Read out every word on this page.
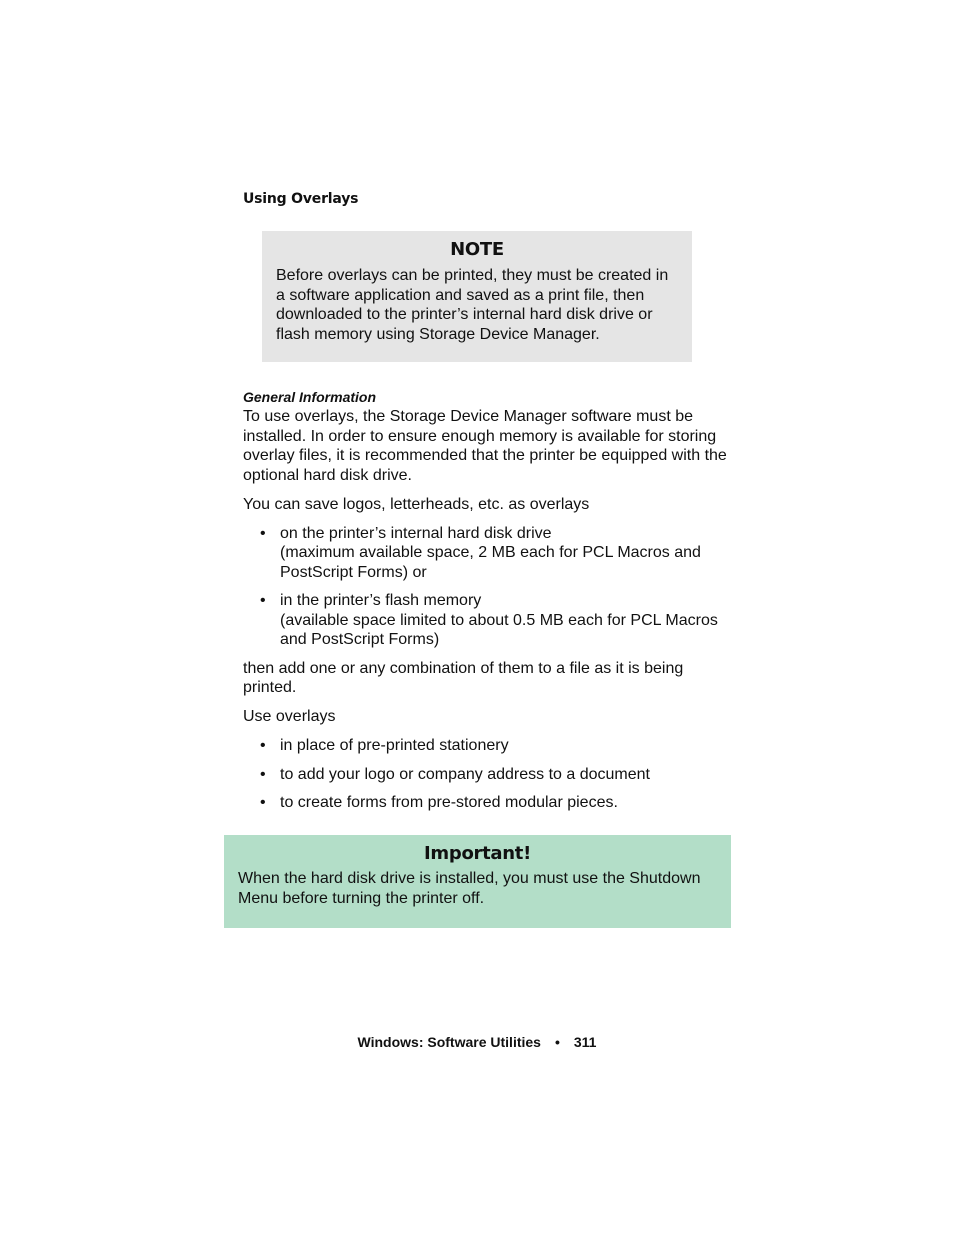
Using Overlays
NOTE
Before overlays can be printed, they must be created in a software application and saved as a print file, then downloaded to the printer’s internal hard disk drive or flash memory using Storage Device Manager.

General Information

To use overlays, the Storage Device Manager software must be installed. In order to ensure enough memory is available for storing overlay files, it is recommended that the printer be equipped with the optional hard disk drive.

You can save logos, letterheads, etc. as overlays

• on the printer’s internal hard disk drive
(maximum available space, 2 MB each for PCL Macros and PostScript Forms) or
• in the printer’s flash memory
(available space limited to about 0.5 MB each for PCL Macros and PostScript Forms)

then add one or any combination of them to a file as it is being printed.

Use overlays

• in place of pre-printed stationery
• to add your logo or company address to a document
• to create forms from pre-stored modular pieces.
Important!
When the hard disk drive is installed, you must use the Shutdown Menu before turning the printer off.
Windows: Software Utilities • 311
